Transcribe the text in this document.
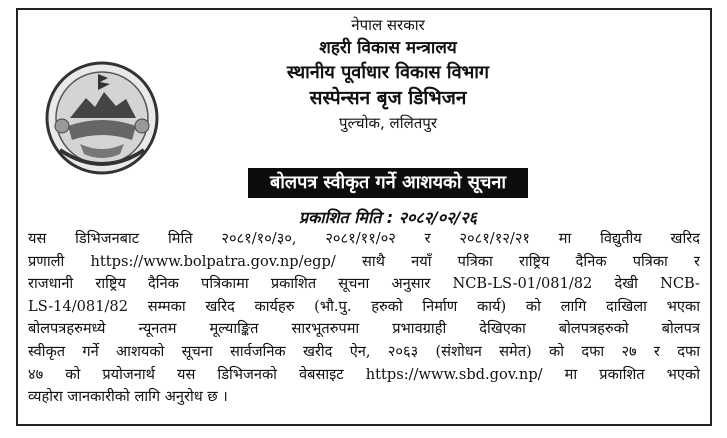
नेपाल सरकार
शहरी विकास मन्त्रालय
स्थानीय पूर्वाधार विकास विभाग
सस्पेन्सन बृज डिभिजन
पुल्चोक, ललितपुर
बोलपत्र स्वीकृत गर्ने आशयको सूचना
प्रकाशित मिति : २०८२/०२/२६
यस डिभिजनबाट मिति २०८१/१०/३०, २०८१/११/०२ र २०८१/१२/२१ मा विद्युतीय खरिद
प्रणाली https://www.bolpatra.gov.np/egp/ साथै नयाँ पत्रिका राष्ट्रिय दैनिक पत्रिका र
राजधानी राष्ट्रिय दैनिक पत्रिकामा प्रकाशित सूचना अनुसार NCB-LS-01/081/82 देखी NCB-
LS-14/081/82 सम्मका खरिद कार्यहरु (भौ.पु. हरुको निर्माण कार्य) को लागि दाखिला भएका
बोलपत्रहरुमध्ये न्यूनतम मूल्याङ्कित सारभूतरुपमा प्रभावग्राही देखिएका बोलपत्रहरुको बोलपत्र
स्वीकृत गर्ने आशयको सूचना सार्वजनिक खरीद ऐन, २०६३ (संशोधन समेत) को दफा २७ र दफा
४७ को प्रयोजनार्थ यस डिभिजनको वेबसाइट https://www.sbd.gov.np/ मा प्रकाशित भएको
व्यहोरा जानकारीको लागि अनुरोध छ ।
